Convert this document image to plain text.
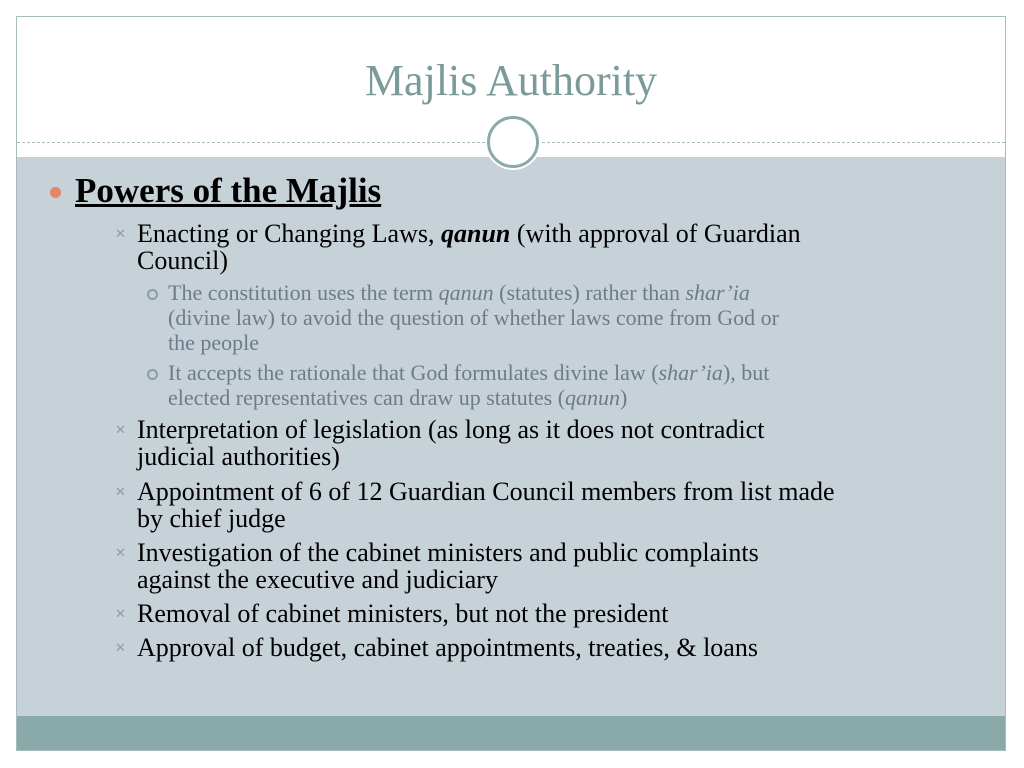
Majlis Authority
Powers of the Majlis
✕ Enacting or Changing Laws, qanun (with approval of Guardian
Council)
The constitution uses the term qanun (statutes) rather than shar’ia
(divine law) to avoid the question of whether laws come from God or
the people
It accepts the rationale that God formulates divine law (shar’ia), but
elected representatives can draw up statutes (qanun)
✕ Interpretation of legislation (as long as it does not contradict
judicial authorities)
✕ Appointment of 6 of 12 Guardian Council members from list made
by chief judge
✕ Investigation of the cabinet ministers and public complaints
against the executive and judiciary
✕ Removal of cabinet ministers, but not the president
✕ Approval of budget, cabinet appointments, treaties, & loans
